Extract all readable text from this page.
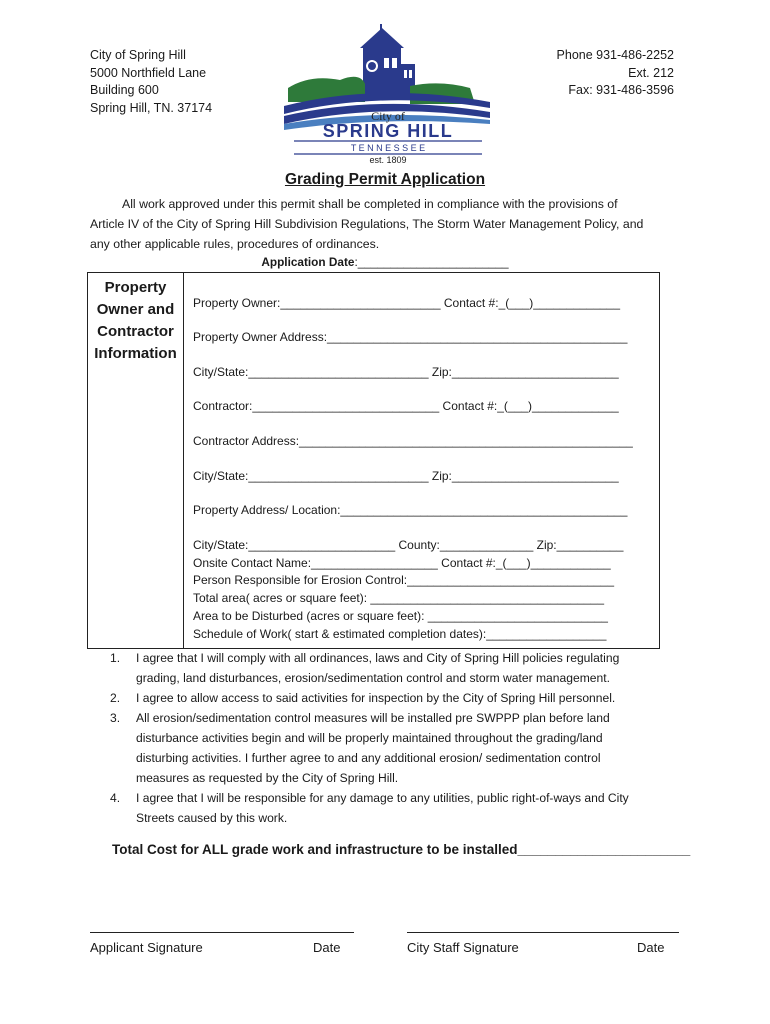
City of Spring Hill
5000 Northfield Lane
Building 600
Spring Hill, TN. 37174
Phone 931-486-2252
Ext. 212
Fax: 931-486-3596
City of
SPRING HILL
T E N N E S S E E
est. 1809
Grading Permit Application
All work approved under this permit shall be completed in compliance with the provisions of
Article IV of the City of Spring Hill Subdivision Regulations, The Storm Water Management Policy, and
any other applicable rules, procedures of ordinances.
Application Date:_______________________
Property
Owner and
Contractor
Information
Property Owner:________________________ Contact #:_(___)_____________
Property Owner Address:_____________________________________________
City/State:___________________________ Zip:_________________________
Contractor:____________________________ Contact #:_(___)_____________
Contractor Address:__________________________________________________
City/State:___________________________ Zip:_________________________
Property Address/ Location:___________________________________________
City/State:______________________ County:______________ Zip:__________
Onsite Contact Name:___________________ Contact #:_(___)____________
Person Responsible for Erosion Control:_______________________________
Total area( acres or square feet): ___________________________________
Area to be Disturbed (acres or square feet): ___________________________
Schedule of Work( start & estimated completion dates):__________________
1.	I agree that I will comply with all ordinances, laws and City of Spring Hill policies regulating
grading, land disturbances, erosion/sedimentation control and storm water management.
2.	I agree to allow access to said activities for inspection by the City of Spring Hill personnel.
3.	All erosion/sedimentation control measures will be installed pre SWPPP plan before land
disturbance activities begin and will be properly maintained throughout the grading/land
disturbing activities. I further agree to and any additional erosion/ sedimentation control
measures as requested by the City of Spring Hill.
4.	I agree that I will be responsible for any damage to any utilities, public right-of-ways and City
Streets caused by this work.
Total Cost for ALL grade work and infrastructure to be installed_______________________
Applicant Signature	Date	City Staff Signature	Date
